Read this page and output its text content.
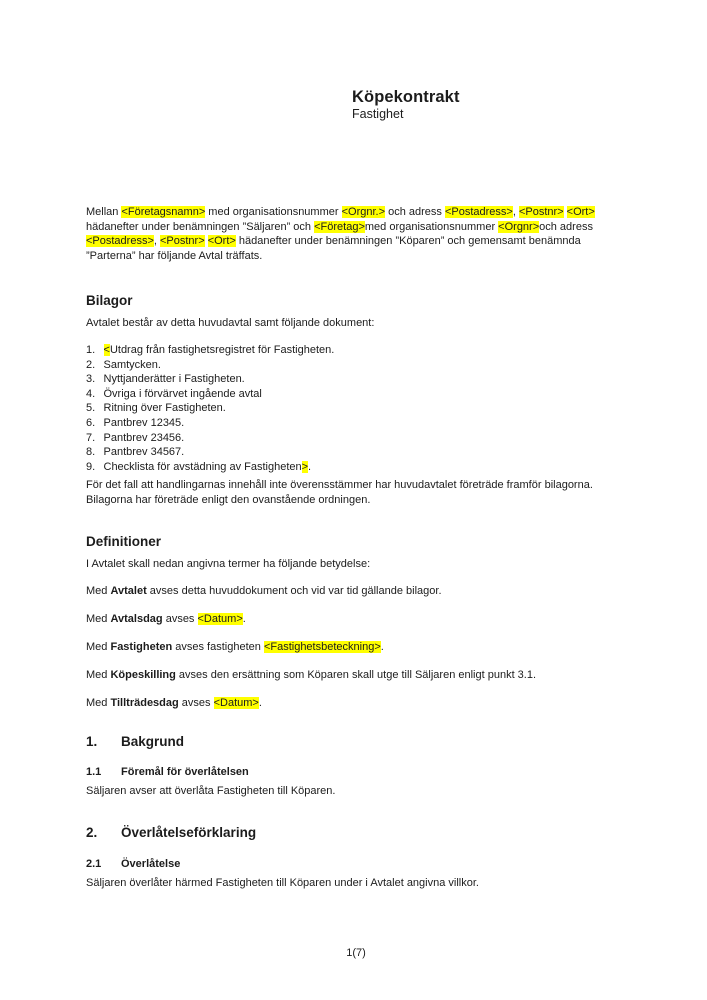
Köpekontrakt
Fastighet

Mellan <Företagsnamn> med organisationsnummer <Orgnr.> och adress <Postadress>, <Postnr> <Ort> hädanefter under benämningen ”Säljaren” och <Företag>med organisationsnummer <Orgnr>och adress <Postadress>, <Postnr> <Ort> hädanefter under benämningen ”Köparen” och gemensamt benämnda ”Parterna” har följande Avtal träffats.

Bilagor

Avtalet består av detta huvudavtal samt följande dokument:

1. <Utdrag från fastighetsregistret för Fastigheten.
2. Samtycken.
3. Nyttjanderätter i Fastigheten.
4. Övriga i förvärvet ingående avtal
5. Ritning över Fastigheten.
6. Pantbrev 12345.
7. Pantbrev 23456.
8. Pantbrev 34567.
9. Checklista för avstädning av Fastigheten>.

För det fall att handlingarnas innehåll inte överensstämmer har huvudavtalet företräde framför bilagorna. Bilagorna har företräde enligt den ovanstående ordningen.

Definitioner

I Avtalet skall nedan angivna termer ha följande betydelse:

Med Avtalet avses detta huvuddokument och vid var tid gällande bilagor.

Med Avtalsdag avses <Datum>.

Med Fastigheten avses fastigheten <Fastighetsbeteckning>.

Med Köpeskilling avses den ersättning som Köparen skall utge till Säljaren enligt punkt 3.1.

Med Tillträdesdag avses <Datum>.

1. Bakgrund
1.1 Föremål för överlåtelsen

Säljaren avser att överlåta Fastigheten till Köparen.

2. Överlåtelseförklaring
2.1 Överlåtelse

Säljaren överlåter härmed Fastigheten till Köparen under i Avtalet angivna villkor.

1(7)
